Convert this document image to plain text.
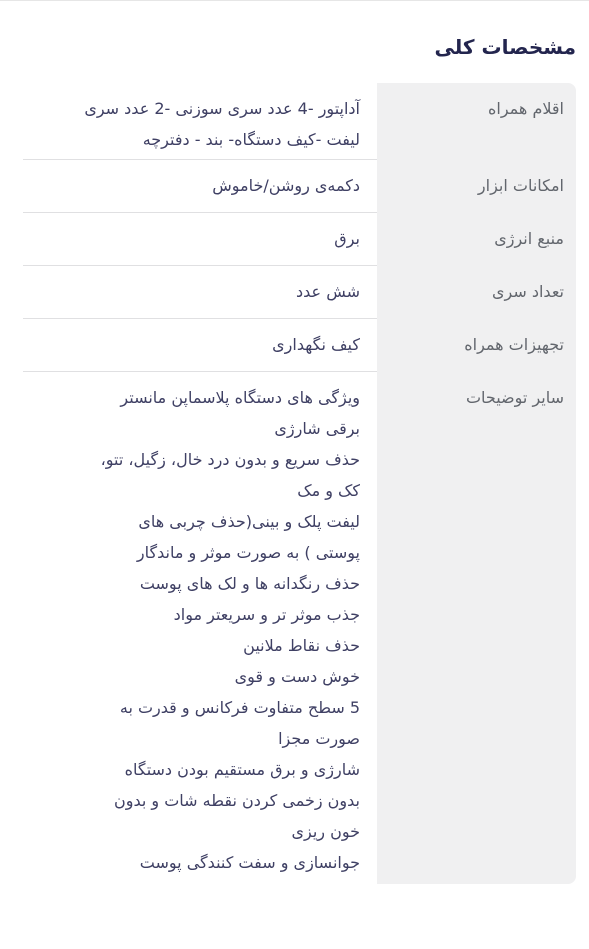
مشخصات کلی
اقلام همراه
آداپتور -4 عدد سری سوزنی -2 عدد سری
لیفت -کیف دستگاه- بند - دفترچه
امکانات ابزار
دکمه‌ی روشن/خاموش
منبع انرژی
برق
تعداد سری
شش عدد
تجهیزات همراه
کیف نگهداری
سایر توضیحات
ویژگی های دستگاه پلاسماپن مانستر
برقی شارژی
حذف سریع و بدون درد خال، زگیل، تتو،
کک و مک
لیفت پلک و بینی(حذف چربی های
پوستی ) به صورت موثر و ماندگار
حذف رنگدانه ها و لک های پوست
جذب موثر تر و سریعتر مواد
حذف نقاط ملانین
خوش دست و قوی
5 سطح متفاوت فرکانس و قدرت به
صورت مجزا
شارژی و برق مستقیم بودن دستگاه
بدون زخمی کردن نقطه شات و بدون
خون ریزی
جوانسازی و سفت کنندگی پوست
